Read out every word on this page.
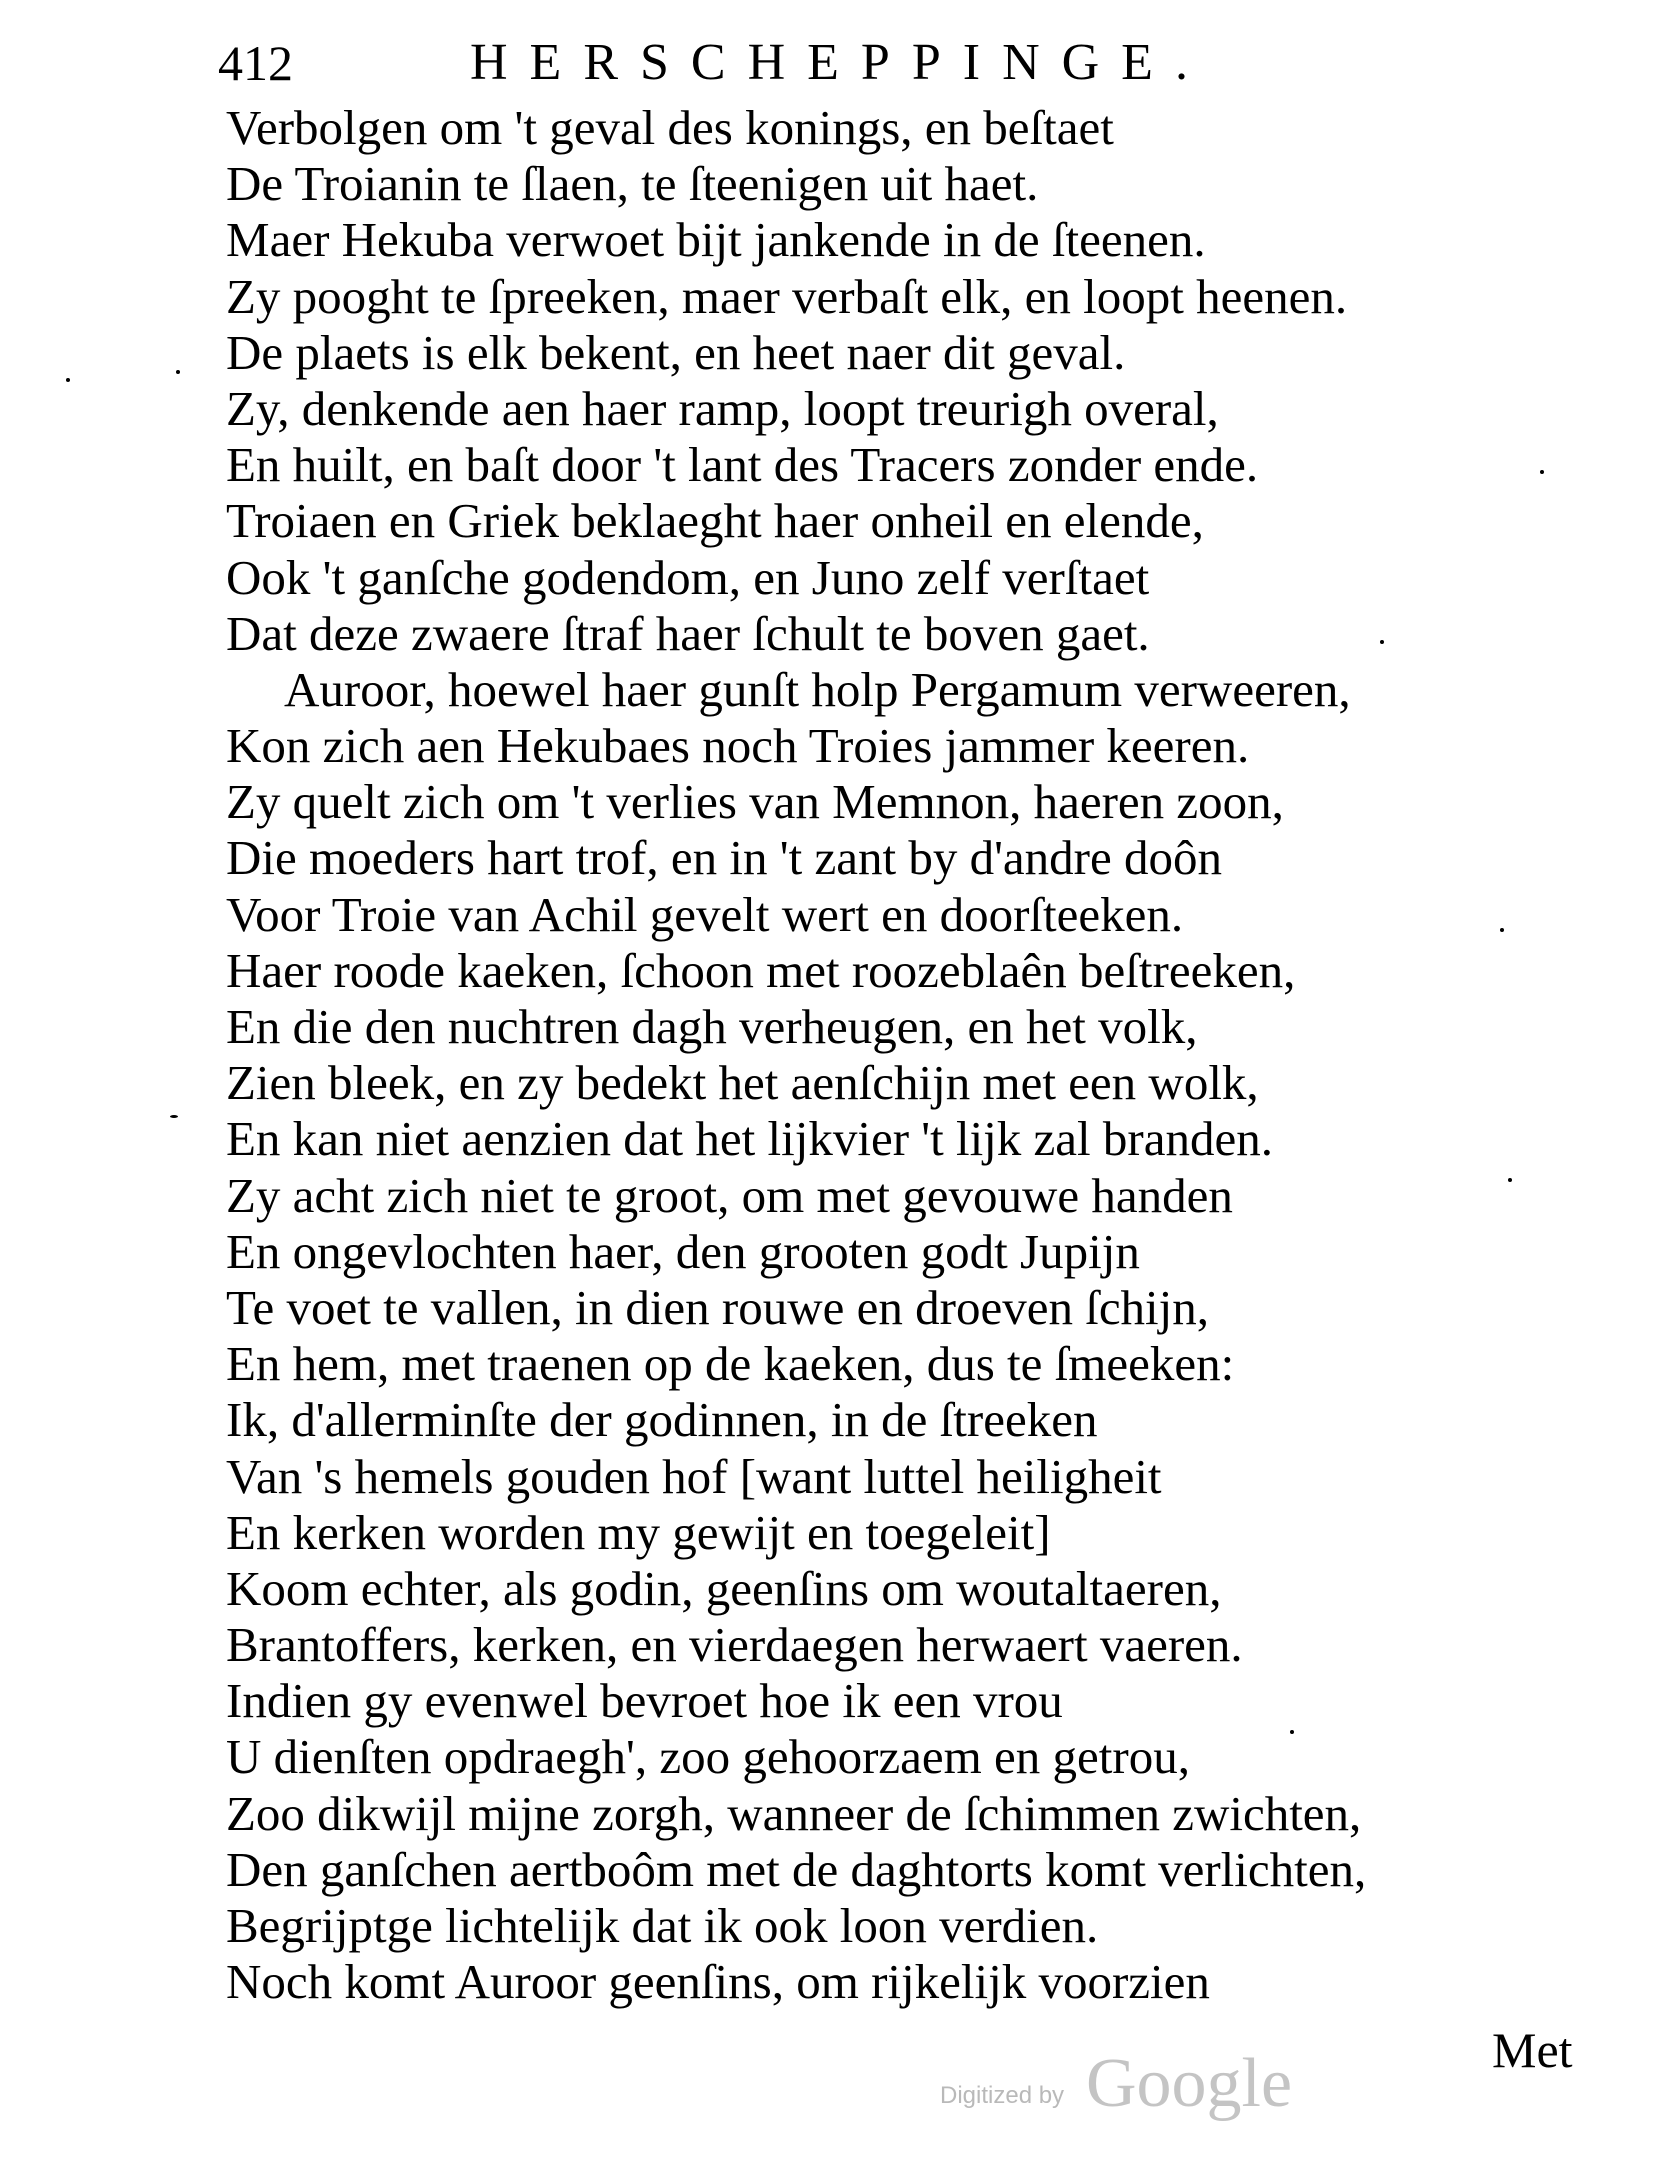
412	HERSCHEPPINGE.
Verbolgen om 't geval des konings, en beſtaet
De Troianin te ſlaen, te ſteenigen uit haet.
Maer Hekuba verwoet bijt jankende in de ſteenen.
Zy pooght te ſpreeken, maer verbaſt elk, en loopt heenen.
De plaets is elk bekent, en heet naer dit geval.
Zy, denkende aen haer ramp, loopt treurigh overal,
En huilt, en baſt door 't lant des Tracers zonder ende.
Troiaen en Griek beklaeght haer onheil en elende,
Ook 't ganſche godendom, en Juno zelf verſtaet
Dat deze zwaere ſtraf haer ſchult te boven gaet.
Auroor, hoewel haer gunſt holp Pergamum verweeren,
Kon zich aen Hekubaes noch Troies jammer keeren.
Zy quelt zich om 't verlies van Memnon, haeren zoon,
Die moeders hart trof, en in 't zant by d'andre doôn
Voor Troie van Achil gevelt wert en doorſteeken.
Haer roode kaeken, ſchoon met roozeblaên beſtreeken,
En die den nuchtren dagh verheugen, en het volk,
Zien bleek, en zy bedekt het aenſchijn met een wolk,
En kan niet aenzien dat het lijkvier 't lijk zal branden.
Zy acht zich niet te groot, om met gevouwe handen
En ongevlochten haer, den grooten godt Jupijn
Te voet te vallen, in dien rouwe en droeven ſchijn,
En hem, met traenen op de kaeken, dus te ſmeeken:
Ik, d'allerminſte der godinnen, in de ſtreeken
Van 's hemels gouden hof [want luttel heiligheit
En kerken worden my gewijt en toegeleit]
Koom echter, als godin, geenſins om woutaltaeren,
Brantoffers, kerken, en vierdaegen herwaert vaeren.
Indien gy evenwel bevroet hoe ik een vrou
U dienſten opdraegh', zoo gehoorzaem en getrou,
Zoo dikwijl mijne zorgh, wanneer de ſchimmen zwichten,
Den ganſchen aertboôm met de daghtorts komt verlichten,
Begrijptge lichtelijk dat ik ook loon verdien.
Noch komt Auroor geenſins, om rijkelijk voorzien
Met
Digitized by Google
